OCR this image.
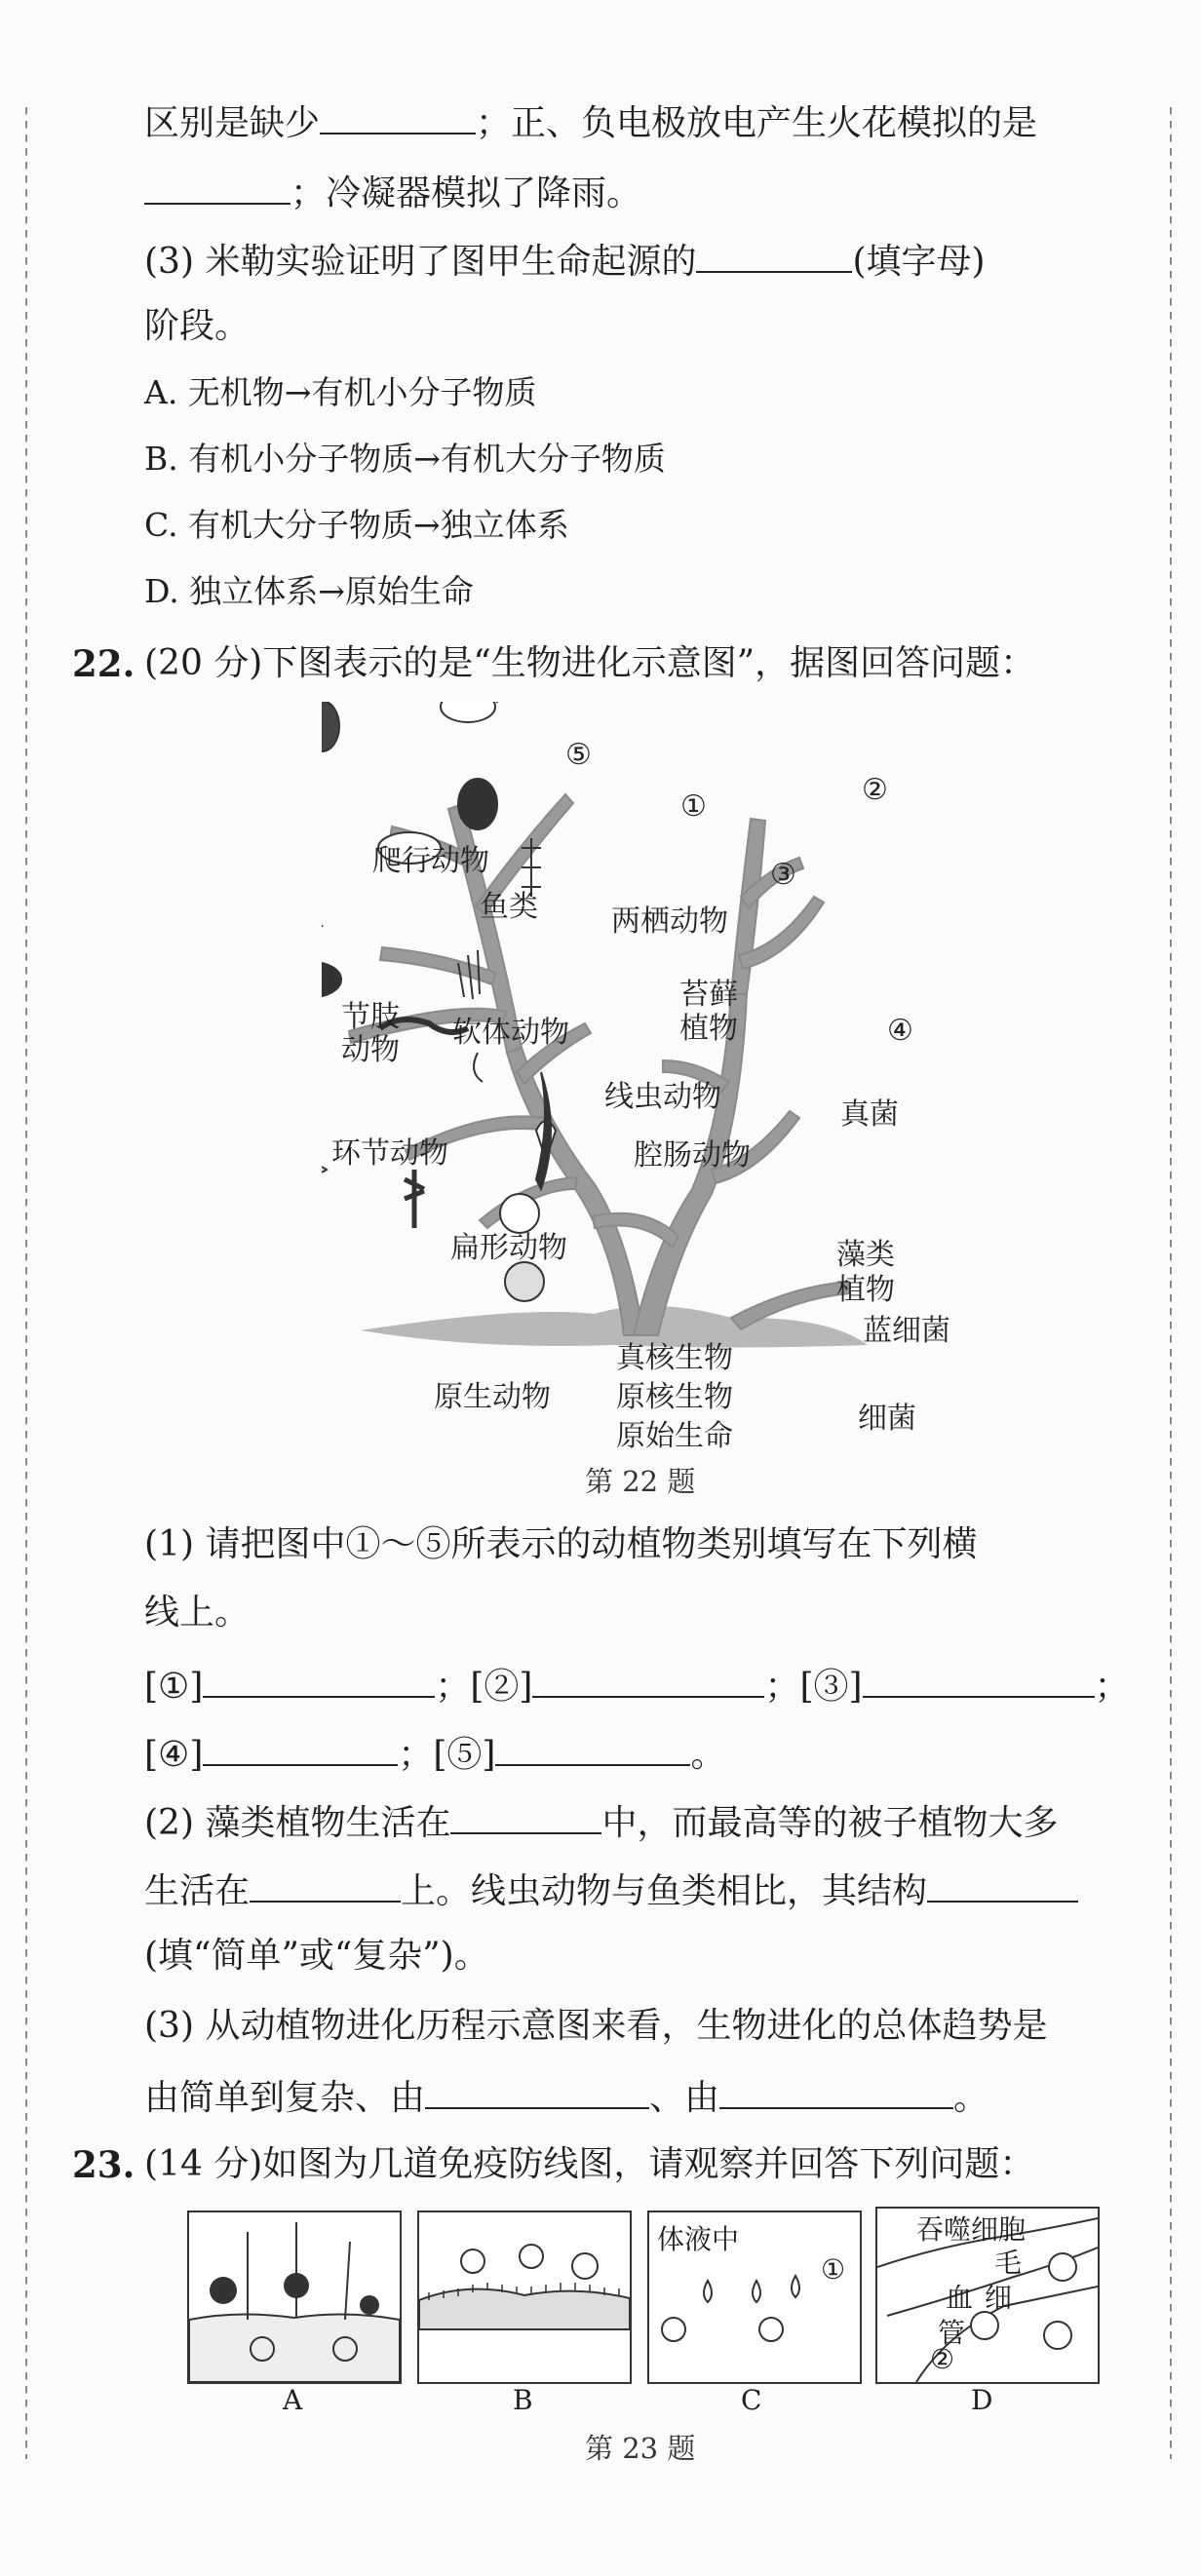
区别是缺少	；正、负电极放电产生火花模拟的是
；冷凝器模拟了降雨。
(3) 米勒实验证明了图甲生命起源的	(填字母)
阶段。
A. 无机物→有机小分子物质
B. 有机小分子物质→有机大分子物质
C. 有机大分子物质→独立体系
D. 独立体系→原始生命
22. (20 分)下图表示的是“生物进化示意图”，据图回答问题：
爬行动物
鱼类	两栖动物
节肢
动物
软体动物
苔藓
植物
线虫动物
真菌
环节动物	腔肠动物
扁形动物	藻类
植物
蓝细菌
原生动物
真核生物
原核生物
原始生命
细菌
①	②
③
④
⑤
第 22 题
(1) 请把图中①～⑤所表示的动植物类别填写在下列横
线上。
[①]	；[②]	；[③]	；
[④]	；[⑤]	。
(2) 藻类植物生活在	中，而最高等的被子植物大多
生活在	上。线虫动物与鱼类相比，其结构
(填“简单”或“复杂”)。
(3) 从动植物进化历程示意图来看，生物进化的总体趋势是
由简单到复杂、由	、由	。
23. (14 分)如图为几道免疫防线图，请观察并回答下列问题：
体液中
①
吞噬细胞
毛
细
血
管
②
A	B	C	D
第 23 题
